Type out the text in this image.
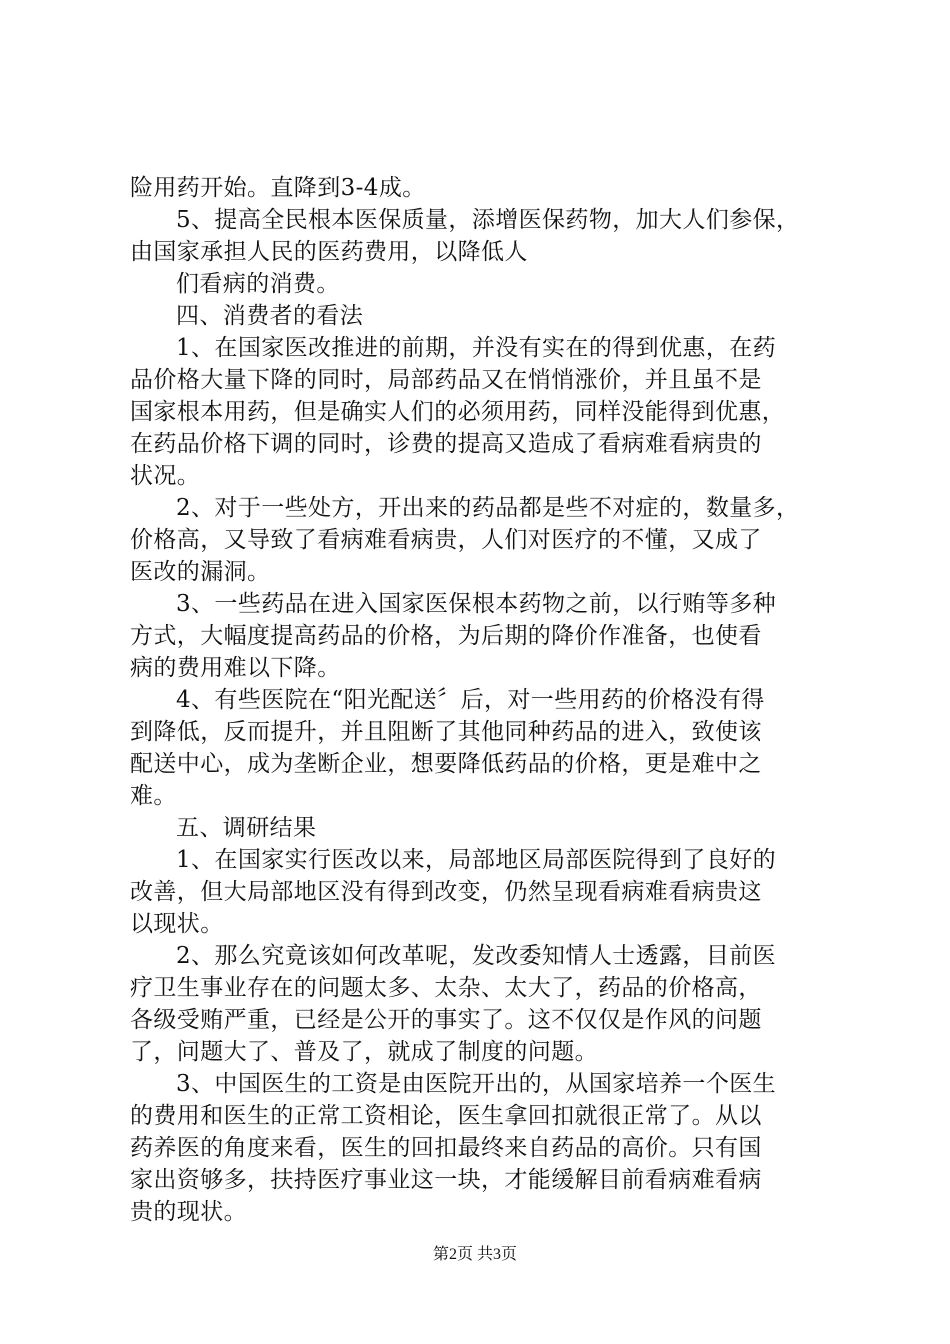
险用药开始。直降到3-4成。
5、提高全民根本医保质量，添增医保药物，加大人们参保，
由国家承担人民的医药费用，以降低人
们看病的消费。
四、消费者的看法
1、在国家医改推进的前期，并没有实在的得到优惠，在药
品价格大量下降的同时，局部药品又在悄悄涨价，并且虽不是
国家根本用药，但是确实人们的必须用药，同样没能得到优惠，
在药品价格下调的同时，诊费的提高又造成了看病难看病贵的
状况。
2、对于一些处方，开出来的药品都是些不对症的，数量多，
价格高，又导致了看病难看病贵，人们对医疗的不懂，又成了
医改的漏洞。
3、一些药品在进入国家医保根本药物之前，以行贿等多种
方式，大幅度提高药品的价格，为后期的降价作准备，也使看
病的费用难以下降。
4、有些医院在“阳光配送〞后，对一些用药的价格没有得
到降低，反而提升，并且阻断了其他同种药品的进入，致使该
配送中心，成为垄断企业，想要降低药品的价格，更是难中之
难。
五、调研结果
1、在国家实行医改以来，局部地区局部医院得到了良好的
改善，但大局部地区没有得到改变，仍然呈现看病难看病贵这
以现状。
2、那么究竟该如何改革呢，发改委知情人士透露，目前医
疗卫生事业存在的问题太多、太杂、太大了，药品的价格高，
各级受贿严重，已经是公开的事实了。这不仅仅是作风的问题
了，问题大了、普及了，就成了制度的问题。
3、中国医生的工资是由医院开出的，从国家培养一个医生
的费用和医生的正常工资相论，医生拿回扣就很正常了。从以
药养医的角度来看，医生的回扣最终来自药品的高价。只有国
家出资够多，扶持医疗事业这一块，才能缓解目前看病难看病
贵的现状。
第2页 共3页
